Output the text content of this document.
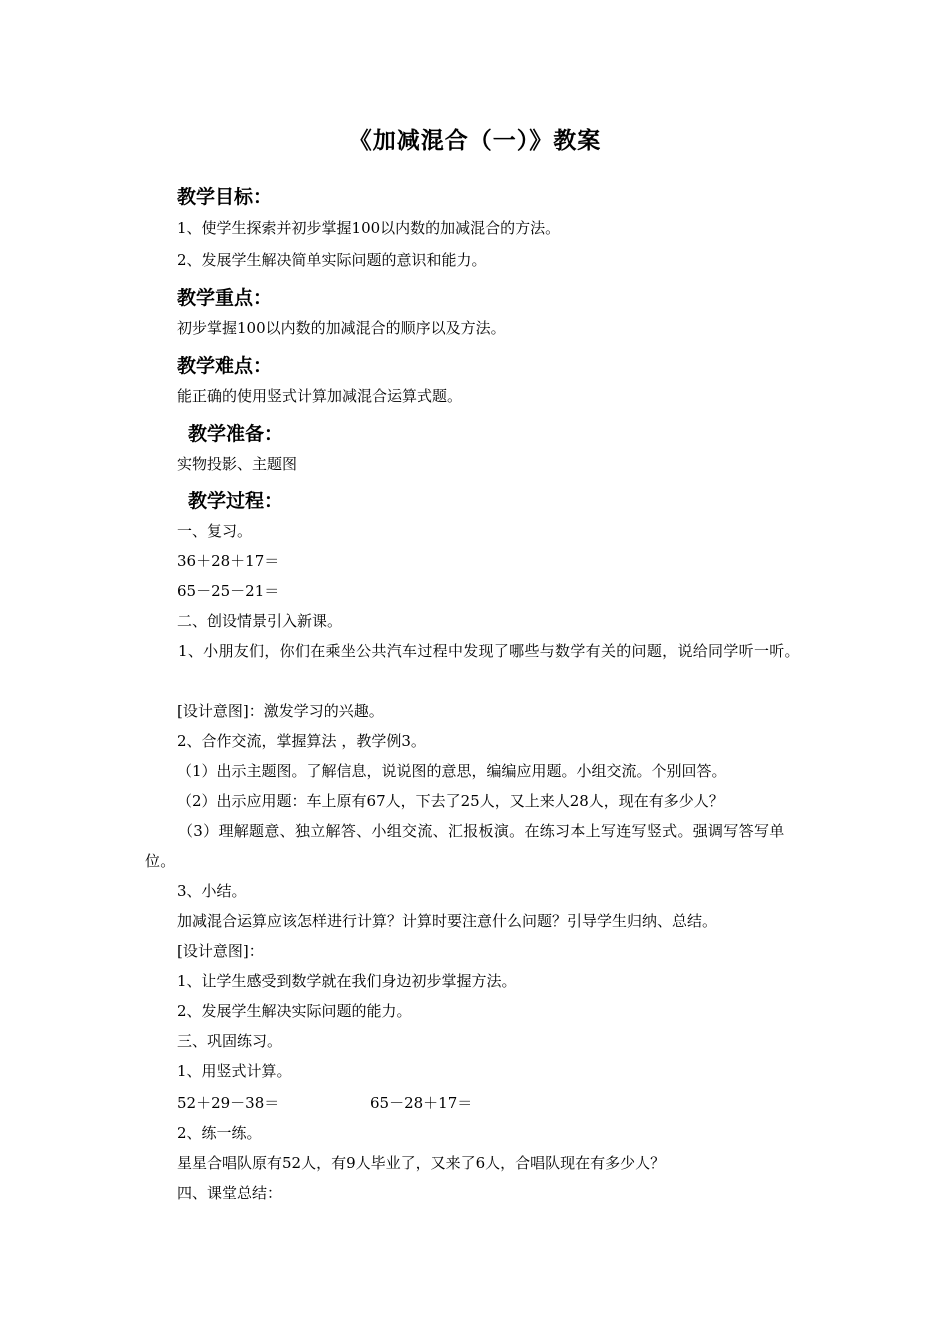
《加减混合（一）》教案
教学目标：
1、使学生探索并初步掌握100以内数的加减混合的方法。
2、发展学生解决简单实际问题的意识和能力。
教学重点：
初步掌握100以内数的加减混合的顺序以及方法。
教学难点：
能正确的使用竖式计算加减混合运算式题。
教学准备：
实物投影、主题图
教学过程：
一、复习。
36＋28＋17＝
65－25－21＝
二、创设情景引入新课。
1、小朋友们，你们在乘坐公共汽车过程中发现了哪些与数学有关的问题，说给同学听一听。
[设计意图]：激发学习的兴趣。
2、合作交流，掌握算法 ，教学例3。
（1）出示主题图。了解信息，说说图的意思，编编应用题。小组交流。个别回答。
（2）出示应用题：车上原有67人，下去了25人，又上来人28人，现在有多少人？
（3）理解题意、独立解答、小组交流、汇报板演。在练习本上写连写竖式。强调写答写单位。
3、小结。
加减混合运算应该怎样进行计算？计算时要注意什么问题？引导学生归纳、总结。
[设计意图]：
1、让学生感受到数学就在我们身边初步掌握方法。
2、发展学生解决实际问题的能力。
三、巩固练习。
1、用竖式计算。
52＋29－38＝	65－28＋17＝
2、练一练。
星星合唱队原有52人，有9人毕业了，又来了6人，合唱队现在有多少人？
四、课堂总结：
